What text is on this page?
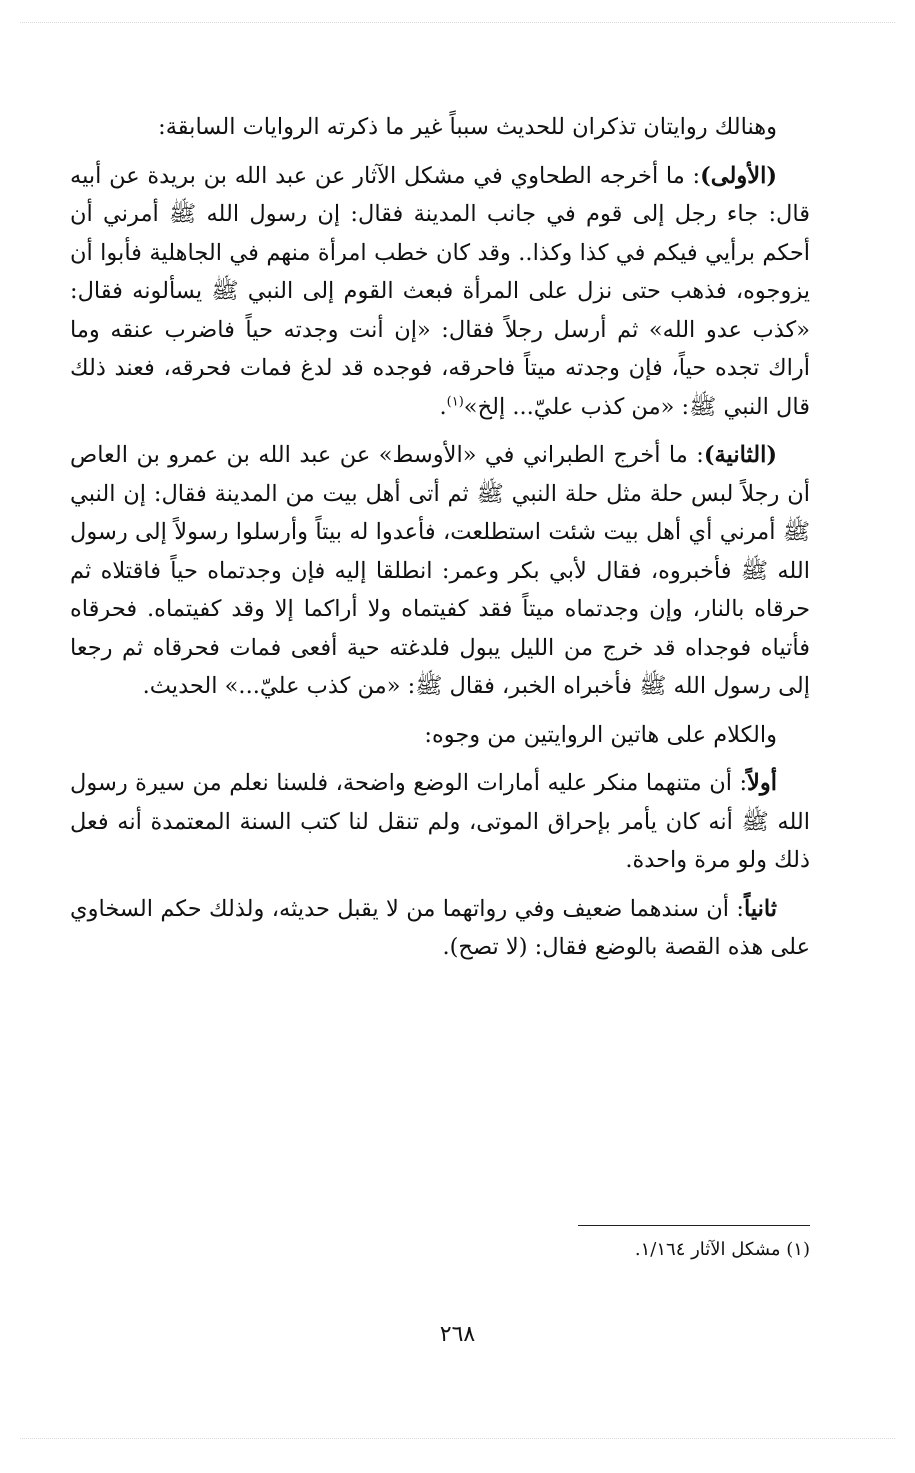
وهنالك روايتان تذكران للحديث سبباً غير ما ذكرته الروايات السابقة:

(الأولى): ما أخرجه الطحاوي في مشكل الآثار عن عبد الله بن بريدة عن أبيه قال: جاء رجل إلى قوم في جانب المدينة فقال: إن رسول الله ﷺ أمرني أن أحكم برأيي فيكم في كذا وكذا.. وقد كان خطب امرأة منهم في الجاهلية فأبوا أن يزوجوه، فذهب حتى نزل على المرأة فبعث القوم إلى النبي ﷺ يسألونه فقال: «كذب عدو الله» ثم أرسل رجلاً فقال: «إن أنت وجدته حياً فاضرب عنقه وما أراك تجده حياً، فإن وجدته ميتاً فاحرقه، فوجده قد لدغ فمات فحرقه، فعند ذلك قال النبي ﷺ: «من كذب عليّ... إلخ»$^{(١)}$.

(الثانية): ما أخرج الطبراني في «الأوسط» عن عبد الله بن عمرو بن العاص أن رجلاً لبس حلة مثل حلة النبي ﷺ ثم أتى أهل بيت من المدينة فقال: إن النبي ﷺ أمرني أي أهل بيت شئت استطلعت، فأعدوا له بيتاً وأرسلوا رسولاً إلى رسول الله ﷺ فأخبروه، فقال لأبي بكر وعمر: انطلقا إليه فإن وجدتماه حياً فاقتلاه ثم حرقاه بالنار، وإن وجدتماه ميتاً فقد كفيتماه ولا أراكما إلا وقد كفيتماه. فحرقاه فأتياه فوجداه قد خرج من الليل يبول فلدغته حية أفعى فمات فحرقاه ثم رجعا إلى رسول الله ﷺ فأخبراه الخبر، فقال ﷺ: «من كذب عليّ...» الحديث.

والكلام على هاتين الروايتين من وجوه:

أولاً: أن متنهما منكر عليه أمارات الوضع واضحة، فلسنا نعلم من سيرة رسول الله ﷺ أنه كان يأمر بإحراق الموتى، ولم تنقل لنا كتب السنة المعتمدة أنه فعل ذلك ولو مرة واحدة.

ثانياً: أن سندهما ضعيف وفي رواتهما من لا يقبل حديثه، ولذلك حكم السخاوي على هذه القصة بالوضع فقال: (لا تصح).

(١) مشكل الآثار ١/١٦٤.

٢٦٨
